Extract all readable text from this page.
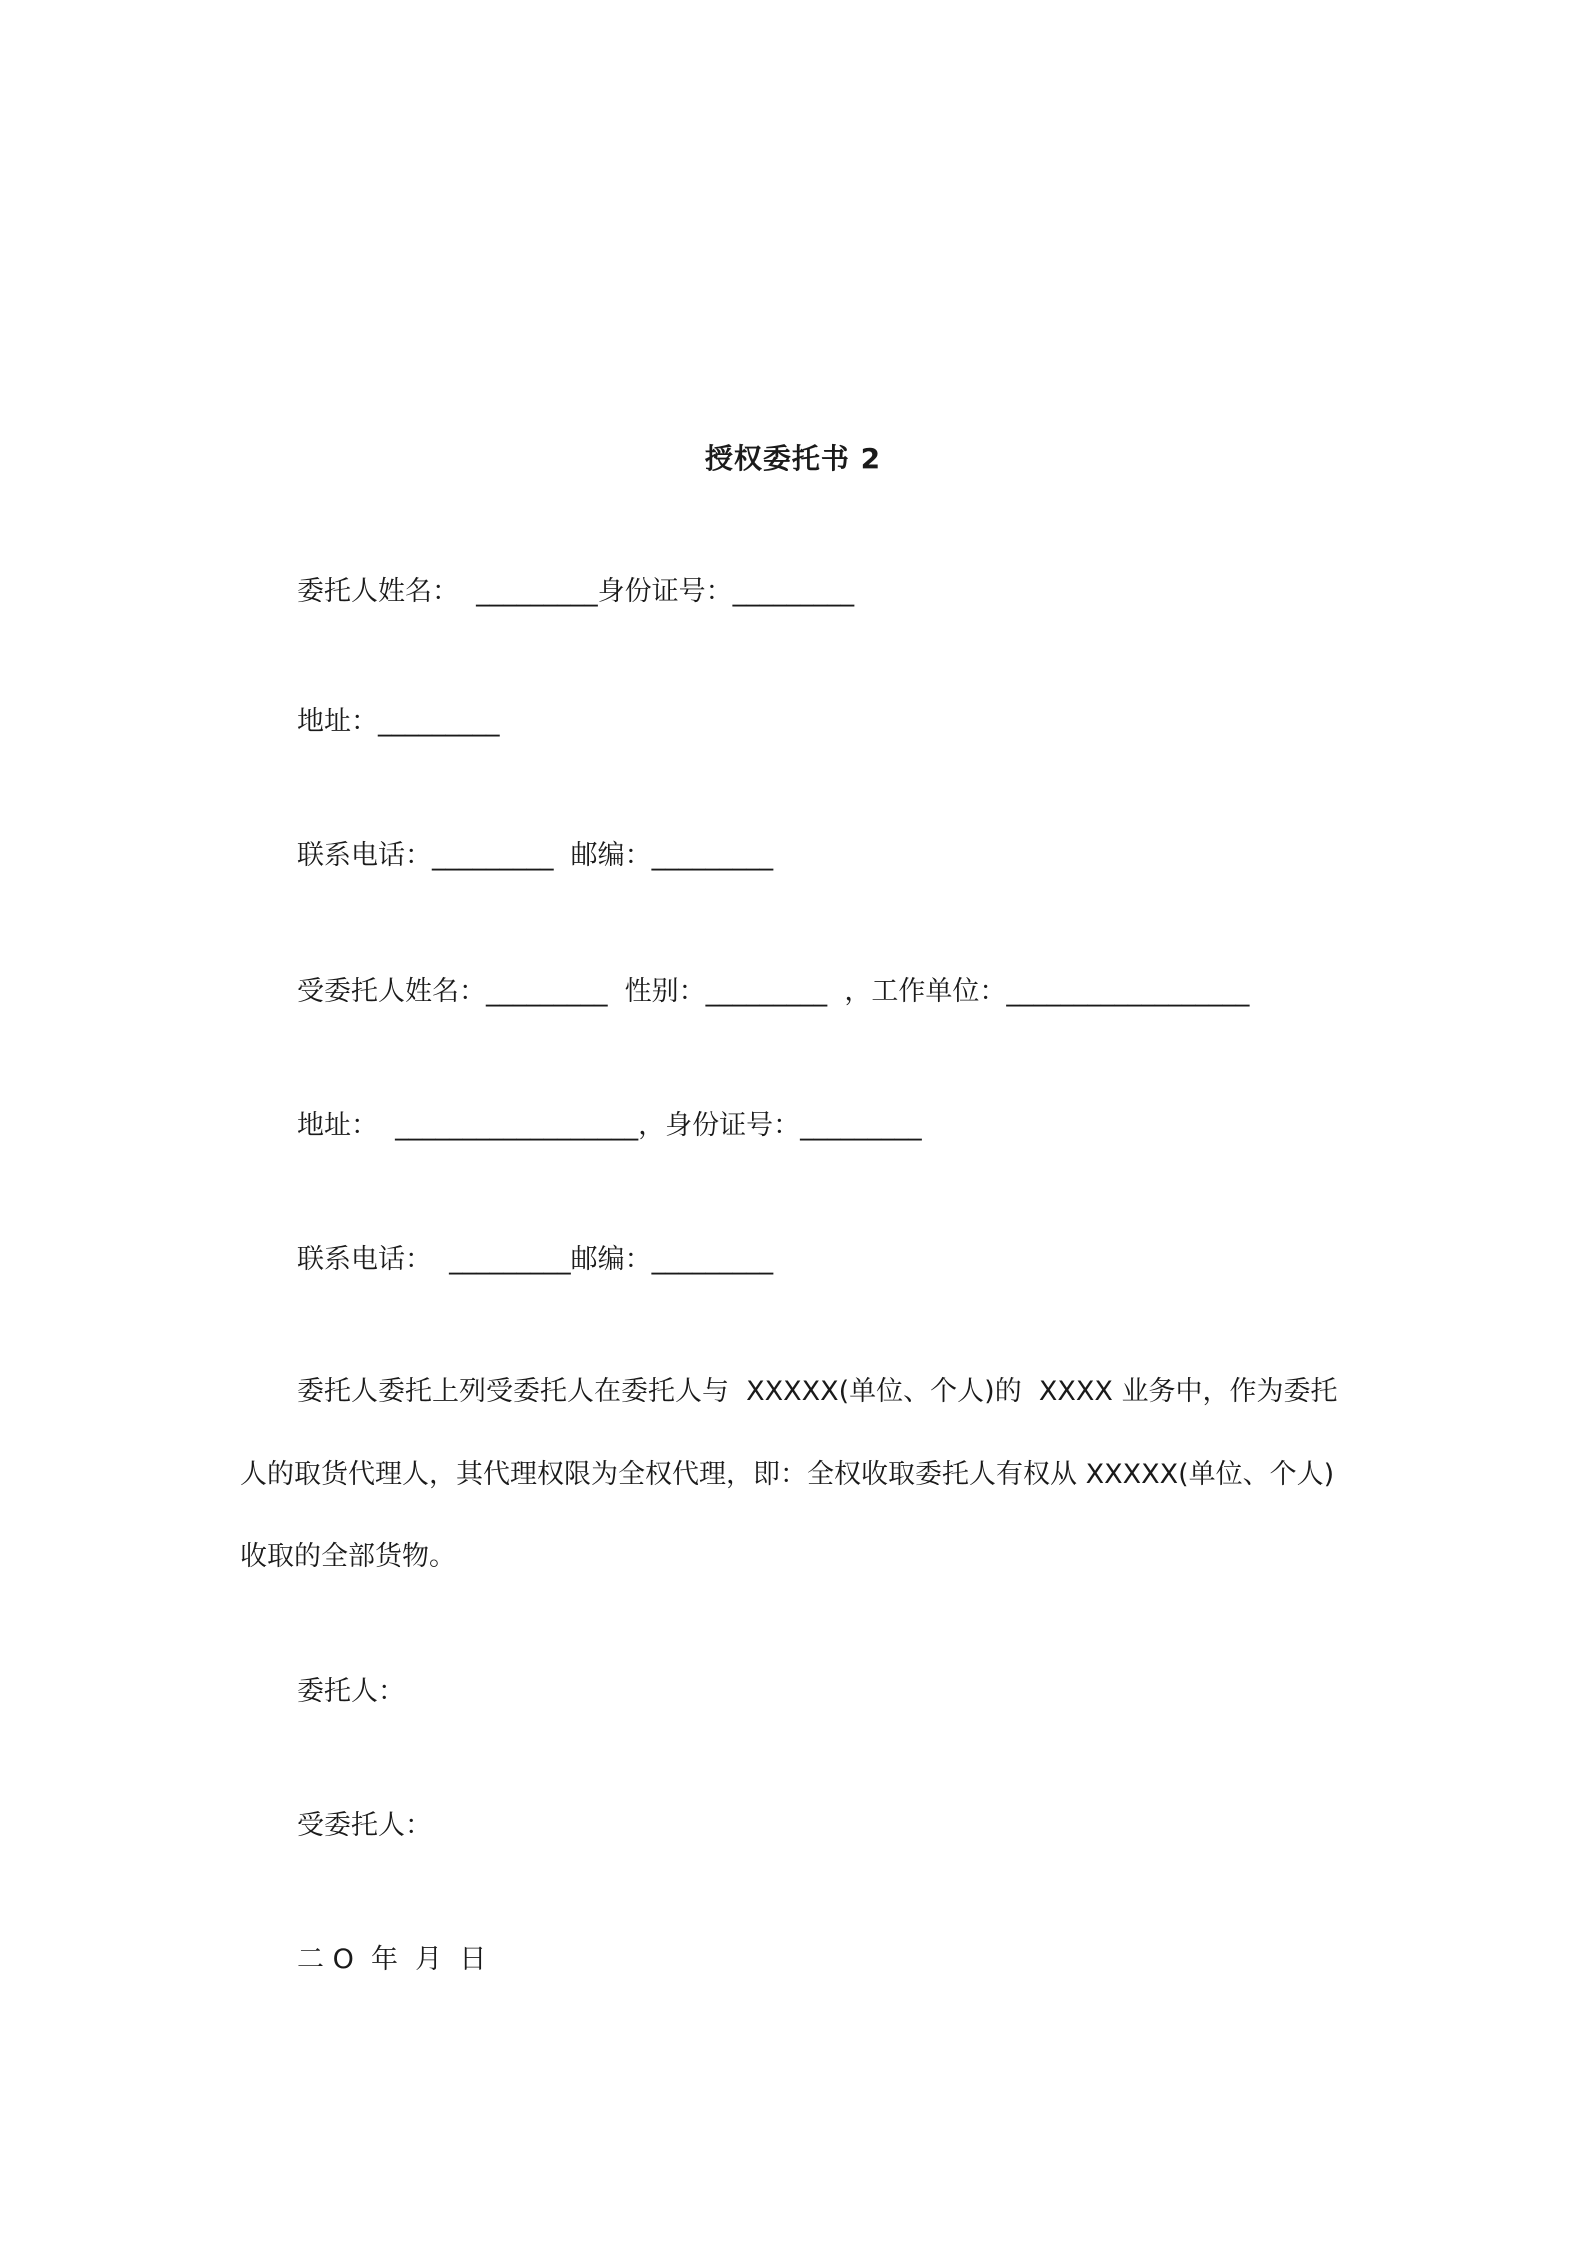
授权委托书 2
委托人姓名：  _________身份证号：_________
地址：_________
联系电话：_________  邮编：_________
受委托人姓名：_________  性别：_________  ，工作单位：__________________
地址：  __________________，身份证号：_________
联系电话：  _________邮编：_________
委托人委托上列受委托人在委托人与  XXXXX(单位、个人)的  XXXX 业务中，作为委托
人的取货代理人，其代理权限为全权代理，即：全权收取委托人有权从 XXXXX(单位、个人)
收取的全部货物。
委托人：
受委托人：
二 O  年  月  日
